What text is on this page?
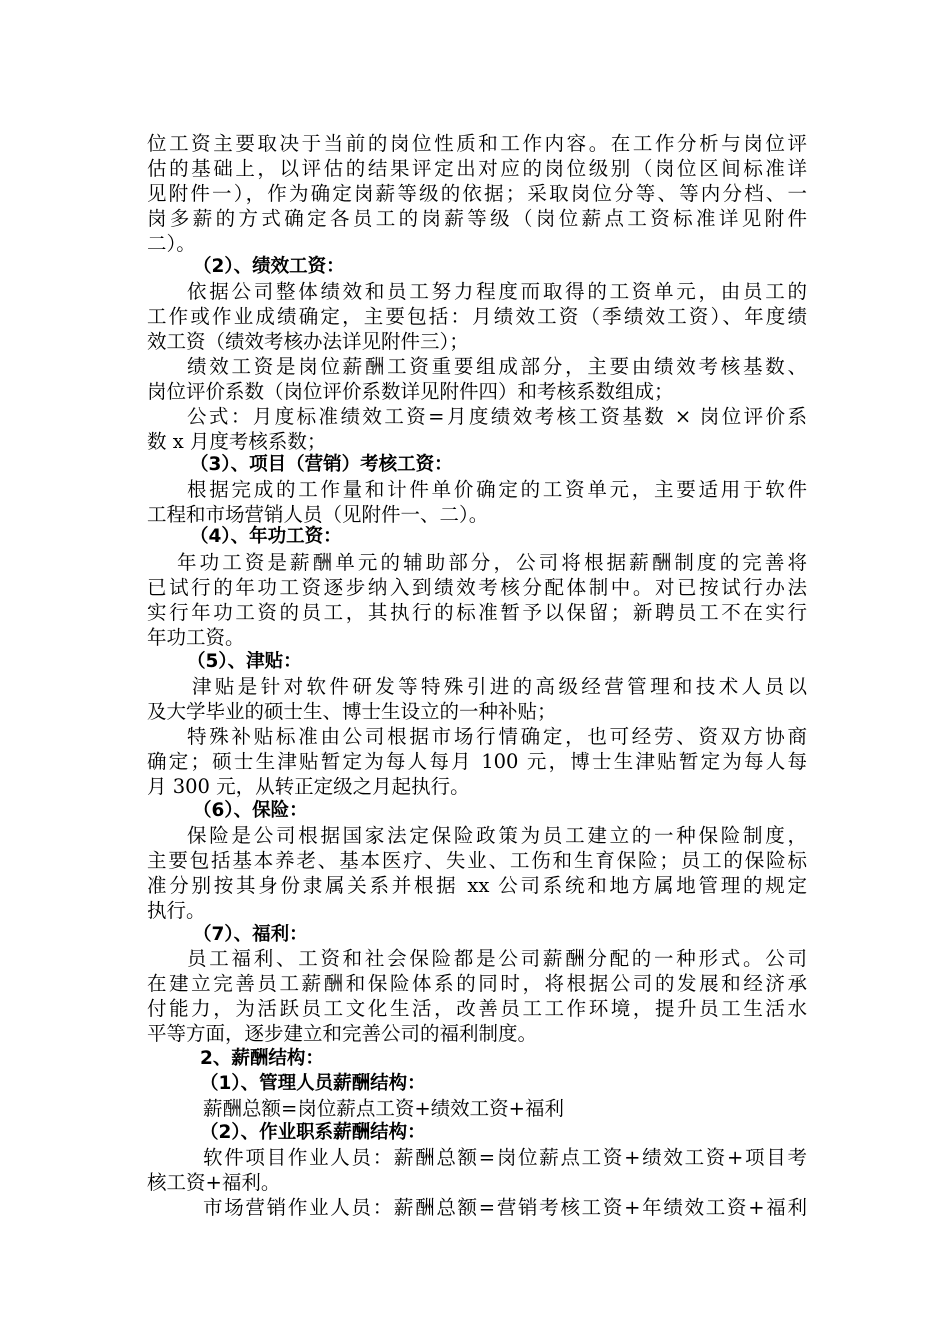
位工资主要取决于当前的岗位性质和工作内容。在工作分析与岗位评
估的基础上，以评估的结果评定出对应的岗位级别（岗位区间标准详
见附件一），作为确定岗薪等级的依据；采取岗位分等、等内分档、一
岗多薪的方式确定各员工的岗薪等级（岗位薪点工资标准详见附件
二）。
（2）、绩效工资：
依据公司整体绩效和员工努力程度而取得的工资单元，由员工的
工作或作业成绩确定，主要包括：月绩效工资（季绩效工资）、年度绩
效工资（绩效考核办法详见附件三）；
绩效工资是岗位薪酬工资重要组成部分，主要由绩效考核基数、
岗位评价系数（岗位评价系数详见附件四）和考核系数组成；
公式：月度标准绩效工资=月度绩效考核工资基数 × 岗位评价系
数 x 月度考核系数；
（3）、项目（营销）考核工资：
根据完成的工作量和计件单价确定的工资单元，主要适用于软件
工程和市场营销人员（见附件一、二）。
（4）、年功工资：
年功工资是薪酬单元的辅助部分，公司将根据薪酬制度的完善将
已试行的年功工资逐步纳入到绩效考核分配体制中。对已按试行办法
实行年功工资的员工，其执行的标准暂予以保留；新聘员工不在实行
年功工资。
（5）、津贴：
津贴是针对软件研发等特殊引进的高级经营管理和技术人员以
及大学毕业的硕士生、博士生设立的一种补贴；
特殊补贴标准由公司根据市场行情确定，也可经劳、资双方协商
确定；硕士生津贴暂定为每人每月 100 元，博士生津贴暂定为每人每
月 300 元，从转正定级之月起执行。
（6）、保险：
保险是公司根据国家法定保险政策为员工建立的一种保险制度，
主要包括基本养老、基本医疗、失业、工伤和生育保险；员工的保险标
准分别按其身份隶属关系并根据 xx 公司系统和地方属地管理的规定
执行。
（7）、福利：
员工福利、工资和社会保险都是公司薪酬分配的一种形式。公司
在建立完善员工薪酬和保险体系的同时，将根据公司的发展和经济承
付能力，为活跃员工文化生活，改善员工工作环境，提升员工生活水
平等方面，逐步建立和完善公司的福利制度。
2、薪酬结构：
（1）、管理人员薪酬结构：
薪酬总额=岗位薪点工资+绩效工资+福利
（2）、作业职系薪酬结构：
软件项目作业人员：薪酬总额=岗位薪点工资+绩效工资+项目考
核工资+福利。
市场营销作业人员：薪酬总额=营销考核工资+年绩效工资+福利
